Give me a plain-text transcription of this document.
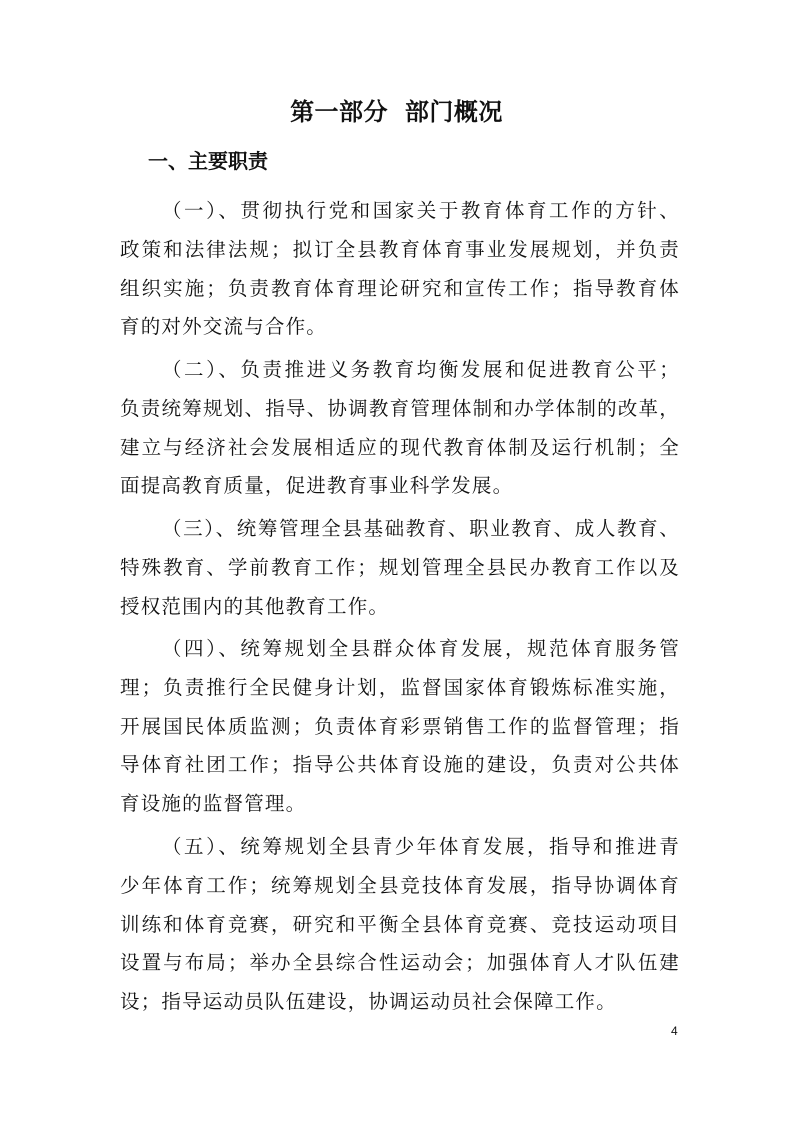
第一部分 部门概况
一、主要职责
（一）、贯彻执行党和国家关于教育体育工作的方针、
政策和法律法规；拟订全县教育体育事业发展规划，并负责
组织实施；负责教育体育理论研究和宣传工作；指导教育体
育的对外交流与合作。
（二）、负责推进义务教育均衡发展和促进教育公平；
负责统筹规划、指导、协调教育管理体制和办学体制的改革，
建立与经济社会发展相适应的现代教育体制及运行机制；全
面提高教育质量，促进教育事业科学发展。
（三）、统筹管理全县基础教育、职业教育、成人教育、
特殊教育、学前教育工作；规划管理全县民办教育工作以及
授权范围内的其他教育工作。
（四）、统筹规划全县群众体育发展，规范体育服务管
理；负责推行全民健身计划，监督国家体育锻炼标准实施，
开展国民体质监测；负责体育彩票销售工作的监督管理；指
导体育社团工作；指导公共体育设施的建设，负责对公共体
育设施的监督管理。
（五）、统筹规划全县青少年体育发展，指导和推进青
少年体育工作；统筹规划全县竞技体育发展，指导协调体育
训练和体育竞赛，研究和平衡全县体育竞赛、竞技运动项目
设置与布局；举办全县综合性运动会；加强体育人才队伍建
设；指导运动员队伍建设，协调运动员社会保障工作。
4
